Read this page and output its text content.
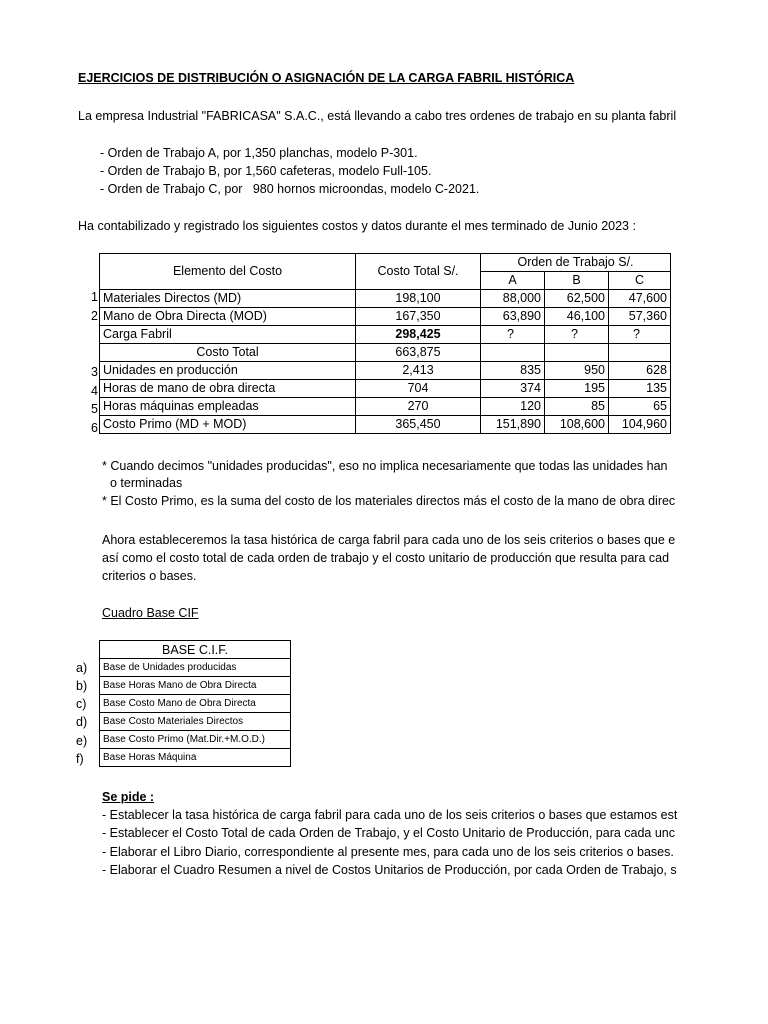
EJERCICIOS DE DISTRIBUCIÓN O ASIGNACIÓN DE LA CARGA FABRIL HISTÓRICA
La empresa Industrial "FABRICASA" S.A.C., está llevando a cabo tres ordenes de trabajo en su planta fabril
- Orden de Trabajo A, por 1,350 planchas, modelo P-301.
- Orden de Trabajo B, por 1,560 cafeteras, modelo Full-105.
- Orden de Trabajo C, por   980 hornos microondas, modelo C-2021.
Ha contabilizado y registrado los siguientes costos y datos durante el mes terminado de Junio 2023 :
Elemento del Costo	Costo Total S/.	Orden de Trabajo S/.		
		A	B	C
Materiales Directos (MD)	198,100	88,000	62,500	47,600
Mano de Obra Directa (MOD)	167,350	63,890	46,100	57,360
Carga Fabril	298,425	?	?	?
Costo Total	663,875			
Unidades en producción	2,413	835	950	628
Horas de mano de obra directa	704	374	195	135
Horas máquinas empleadas	270	120	85	65
Costo Primo (MD + MOD)	365,450	151,890	108,600	104,960
1
2
3
4
5
6
* Cuando decimos "unidades producidas", eso no implica necesariamente que todas las unidades han
o terminadas
* El Costo Primo, es la suma del costo de los materiales directos más el costo de la mano de obra direc
Ahora estableceremos la tasa histórica de carga fabril para cada uno de los seis criterios o bases que e
así como el costo total de cada orden de trabajo y el costo unitario de producción que resulta para cad
criterios o bases.
Cuadro Base CIF
BASE C.I.F.
Base de Unidades producidas
Base Horas Mano de Obra Directa
Base Costo Mano de Obra Directa
Base Costo Materiales Directos
Base Costo Primo (Mat.Dir.+M.O.D.)
Base Horas Máquina
a)
b)
c)
d)
e)
f)
Se pide :
- Establecer la tasa histórica de carga fabril para cada uno de los seis criterios o bases que estamos est
- Establecer el Costo Total de cada Orden de Trabajo, y el Costo Unitario de Producción, para cada unc
- Elaborar el Libro Diario, correspondiente al presente mes, para cada uno de los seis criterios o bases.
- Elaborar el Cuadro Resumen a nivel de Costos Unitarios de Producción, por cada Orden de Trabajo, s
